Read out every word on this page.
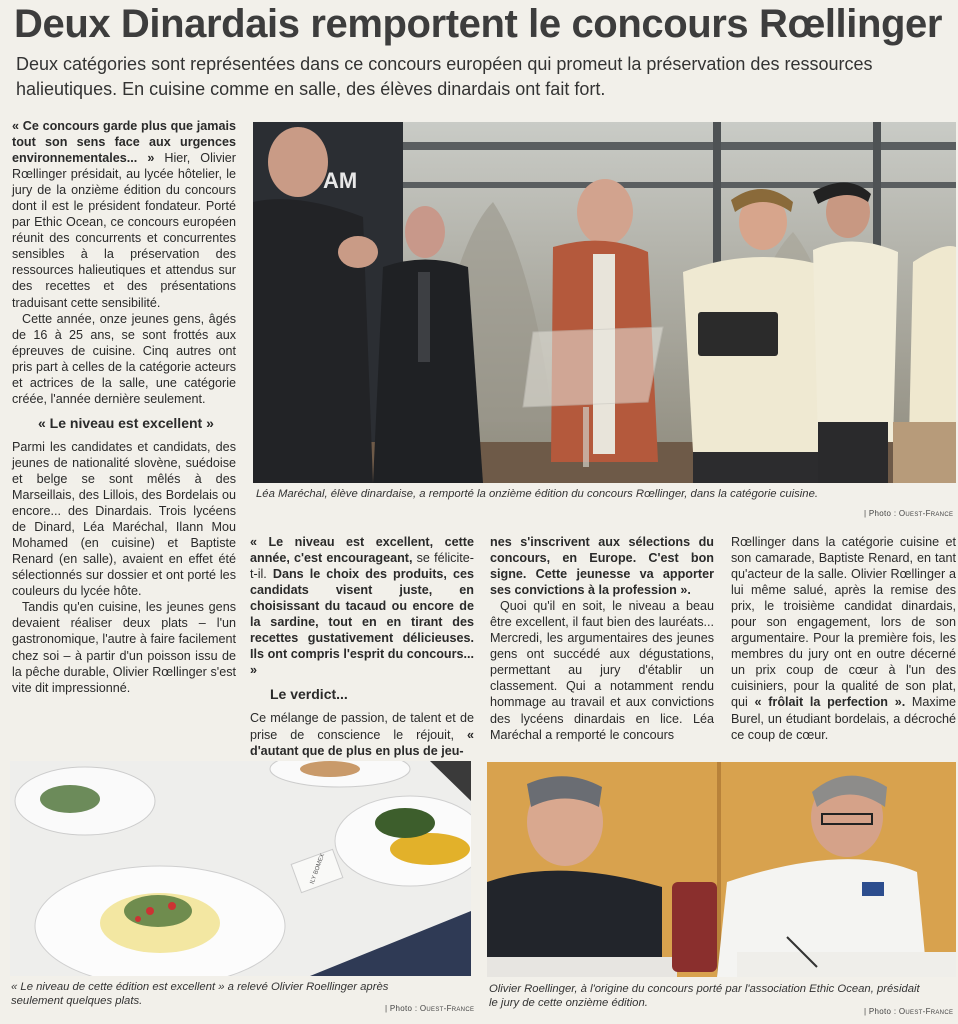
Deux Dinardais remportent le concours Rœllinger
Deux catégories sont représentées dans ce concours européen qui promeut la préservation des ressources halieutiques. En cuisine comme en salle, des élèves dinardais ont fait fort.

« Ce concours garde plus que jamais tout son sens face aux urgences environnementales... » Hier, Olivier Rœllinger présidait, au lycée hôtelier, le jury de la onzième édition du concours dont il est le président fondateur. Porté par Ethic Ocean, ce concours européen réunit des concurrents et concurrentes sensibles à la préservation des ressources halieutiques et attendus sur des recettes et des présentations traduisant cette sensibilité.

Cette année, onze jeunes gens, âgés de 16 à 25 ans, se sont frottés aux épreuves de cuisine. Cinq autres ont pris part à celles de la catégorie acteurs et actrices de la salle, une catégorie créée, l'année dernière seulement.

« Le niveau est excellent »

Parmi les candidates et candidats, des jeunes de nationalité slovène, suédoise et belge se sont mêlés à des Marseillais, des Lillois, des Bordelais ou encore... des Dinardais. Trois lycéens de Dinard, Léa Maréchal, Ilann Mou Mohamed (en cuisine) et Baptiste Renard (en salle), avaient en effet été sélectionnés sur dossier et ont porté les couleurs du lycée hôte.

Tandis qu'en cuisine, les jeunes gens devaient réaliser deux plats – l'un gastronomique, l'autre à faire facilement chez soi – à partir d'un poisson issu de la pêche durable, Olivier Rœllinger s'est vite dit impressionné.

AM
Léa Maréchal, élève dinardaise, a remporté la onzième édition du concours Rœllinger, dans la catégorie cuisine.
| Photo : Ouest-France

« Le niveau est excellent, cette année, c'est encourageant, se félicite-t-il. Dans le choix des produits, ces candidats visent juste, en choisissant du tacaud ou encore de la sardine, tout en en tirant des recettes gustativement délicieuses. Ils ont compris l'esprit du concours... »

Le verdict...

Ce mélange de passion, de talent et de prise de conscience le réjouit, « d'autant que de plus en plus de jeu-

nes s'inscrivent aux sélections du concours, en Europe. C'est bon signe. Cette jeunesse va apporter ses convictions à la profession ».

Quoi qu'il en soit, le niveau a beau être excellent, il faut bien des lauréats... Mercredi, les argumentaires des jeunes gens ont succédé aux dégustations, permettant au jury d'établir un classement. Qui a notamment rendu hommage au travail et aux convictions des lycéens dinardais en lice. Léa Maréchal a remporté le concours

Rœllinger dans la catégorie cuisine et son camarade, Baptiste Renard, en tant qu'acteur de la salle. Olivier Rœllinger a lui même salué, après la remise des prix, le troisième candidat dinardais, pour son engagement, lors de son argumentaire. Pour la première fois, les membres du jury ont en outre décerné un prix coup de cœur à l'un des cuisiniers, pour la qualité de son plat, qui « frôlait la perfection ». Maxime Burel, un étudiant bordelais, a décroché ce coup de cœur.

ILY BOMEX
« Le niveau de cette édition est excellent » a relevé Olivier Roellinger après seulement quelques plats.
| Photo : Ouest-France
Olivier Roellinger, à l'origine du concours porté par l'association Ethic Ocean, présidait le jury de cette onzième édition.
| Photo : Ouest-France
